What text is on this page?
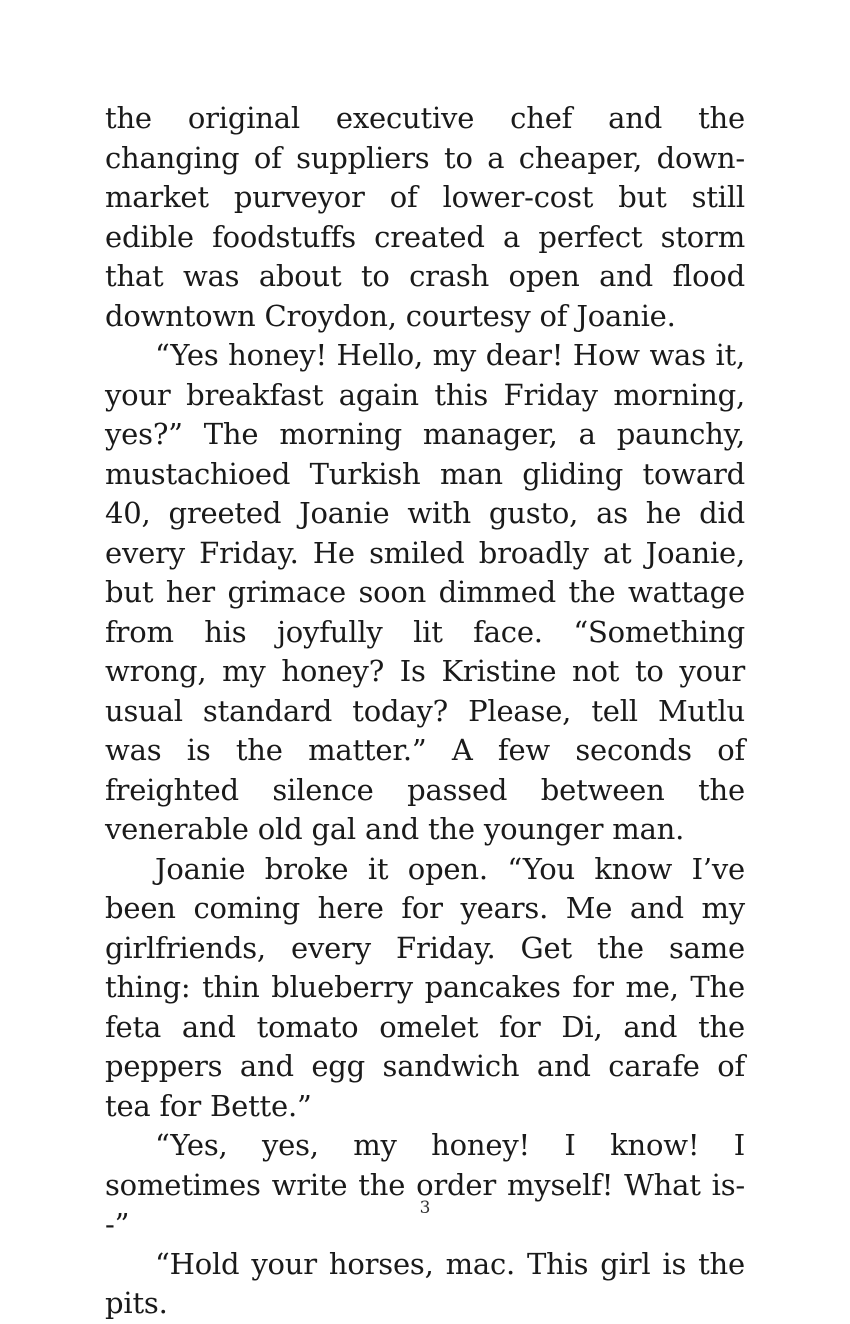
the original executive chef and the changing of suppliers to a cheaper, down-market purveyor of lower-cost but still edible foodstuffs created a perfect storm that was about to crash open and flood downtown Croydon, courtesy of Joanie.

“Yes honey! Hello, my dear! How was it, your breakfast again this Friday morning, yes?” The morning manager, a paunchy, mustachioed Turkish man gliding toward 40, greeted Joanie with gusto, as he did every Friday. He smiled broadly at Joanie, but her grimace soon dimmed the wattage from his joyfully lit face. “Something wrong, my honey? Is Kristine not to your usual standard today? Please, tell Mutlu was is the matter.” A few seconds of freighted silence passed between the venerable old gal and the younger man.

Joanie broke it open. “You know I’ve been coming here for years. Me and my girlfriends, every Friday. Get the same thing: thin blueberry pancakes for me, The feta and tomato omelet for Di, and the peppers and egg sandwich and carafe of tea for Bette.”

“Yes, yes, my honey! I know! I sometimes write the order myself! What is--”

“Hold your horses, mac. This girl is the pits.

3
